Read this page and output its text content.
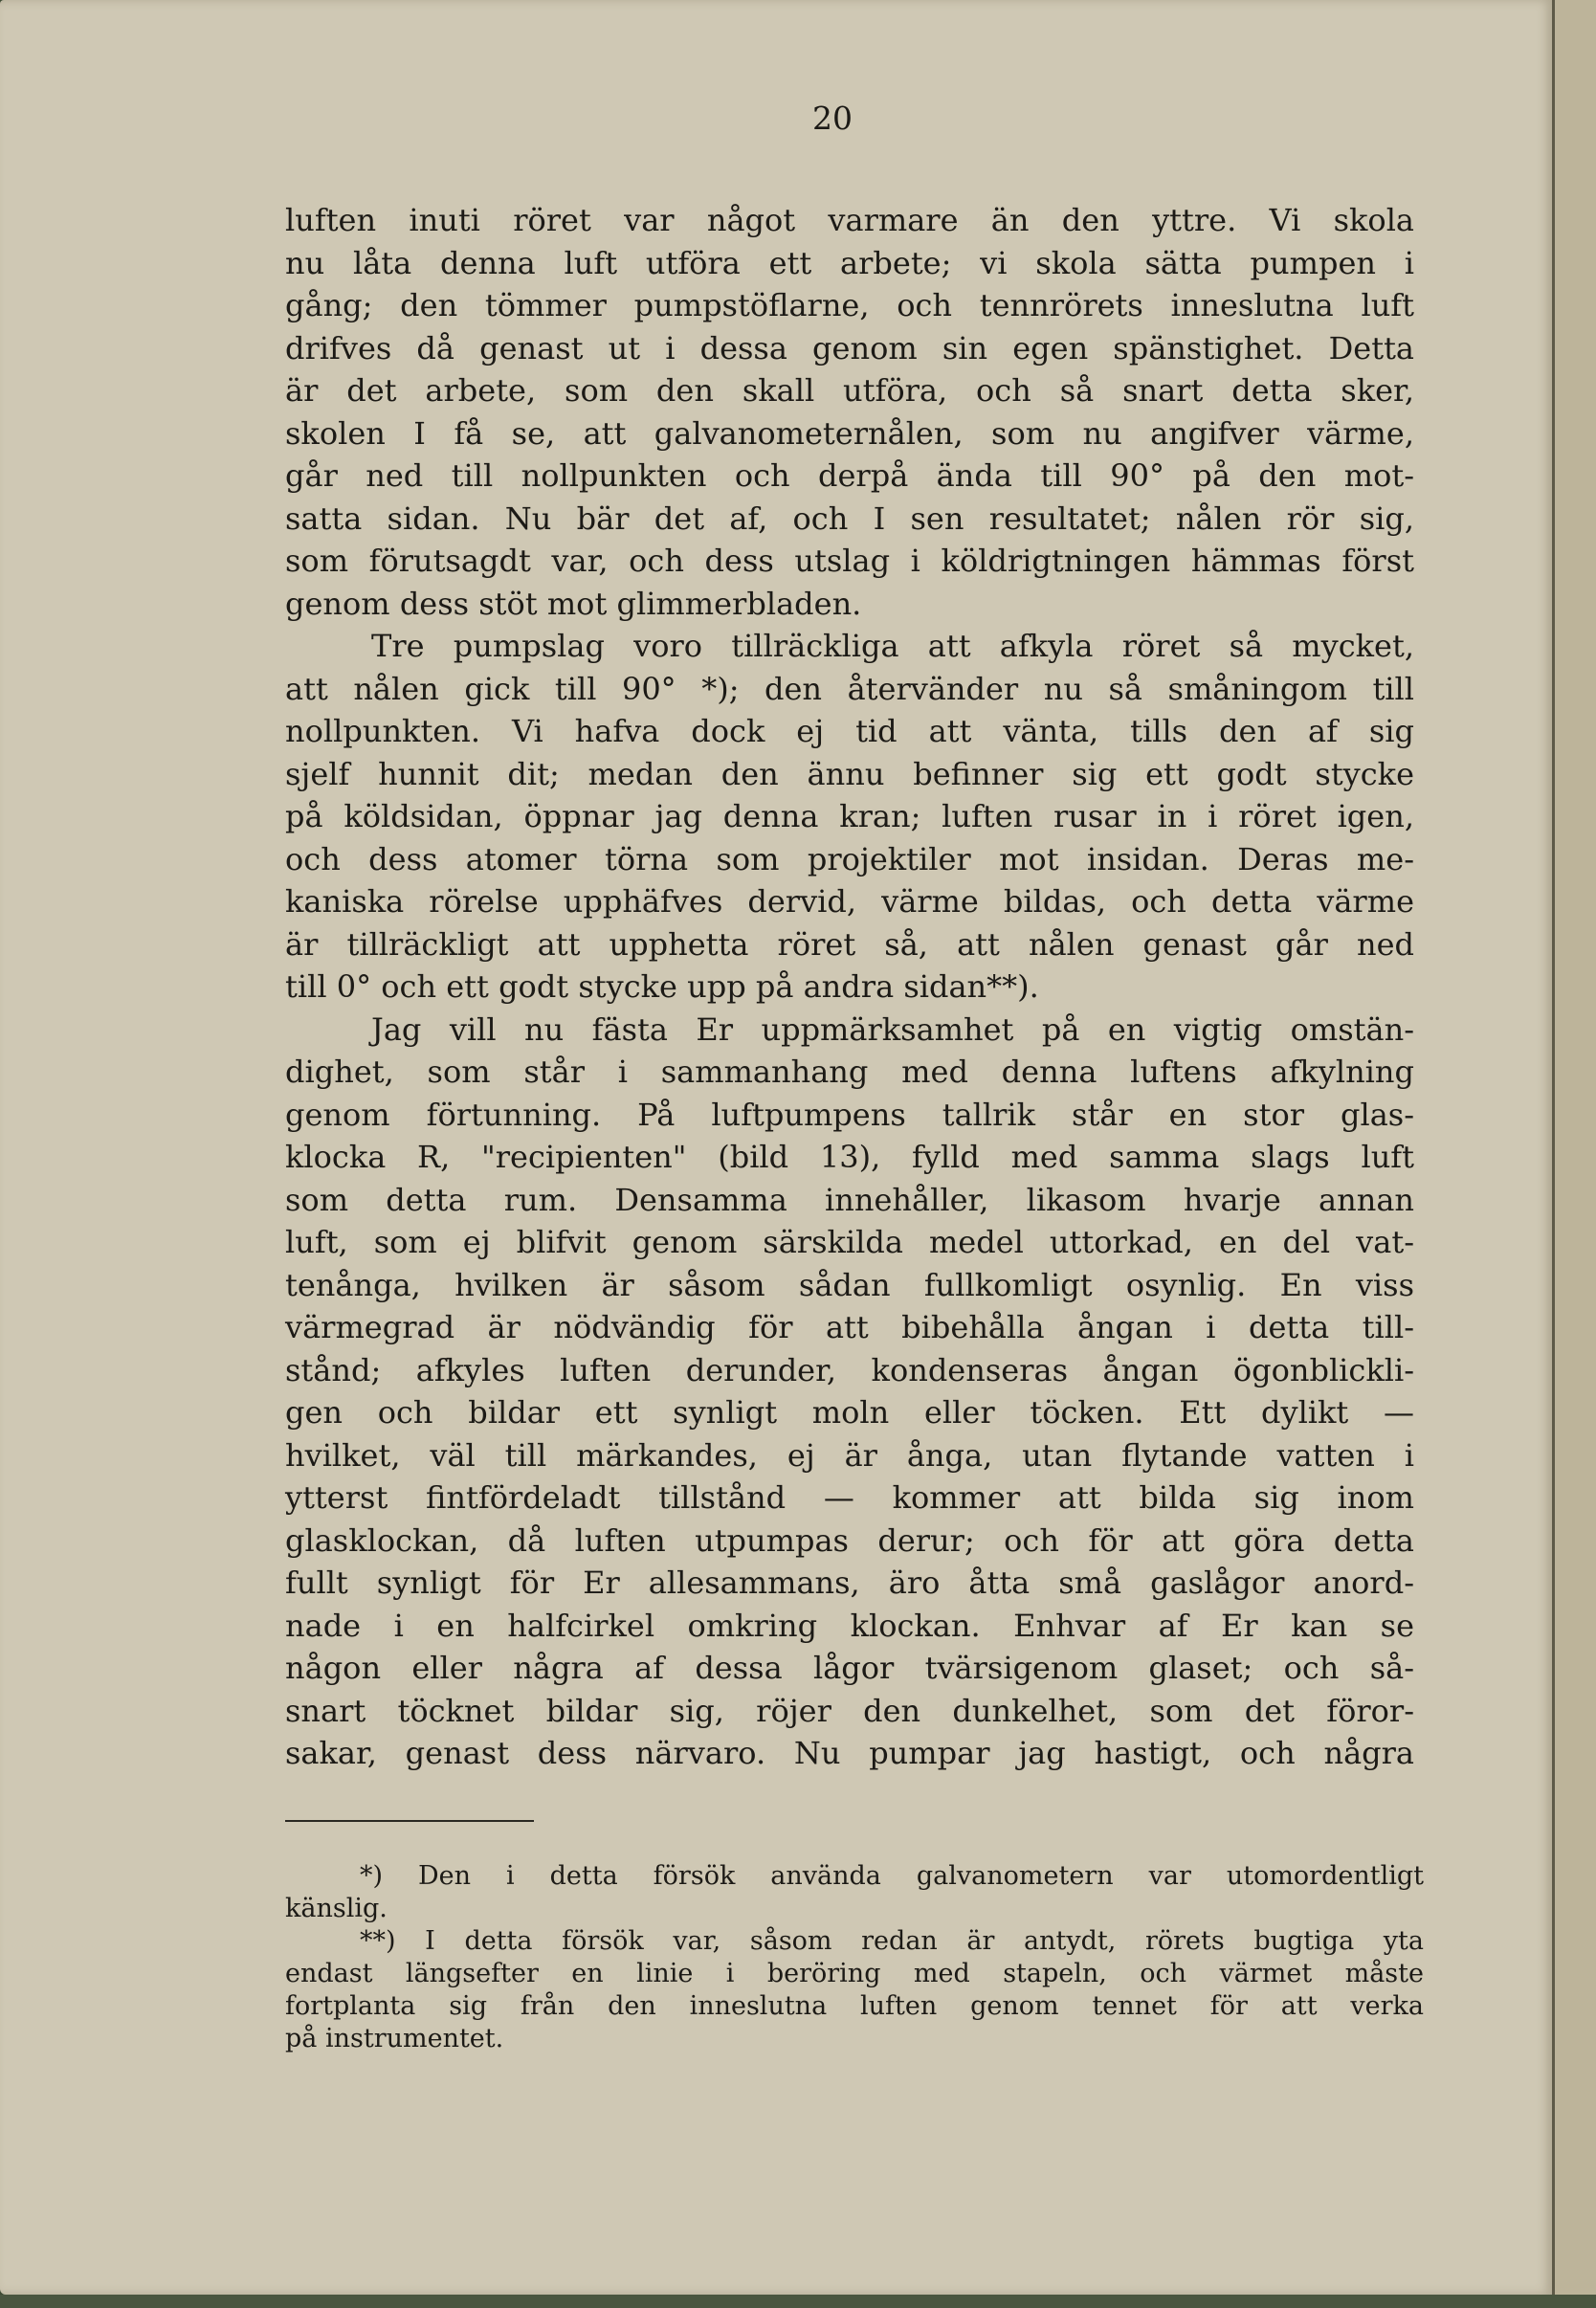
20
luften inuti röret var något varmare än den yttre. Vi skola
nu låta denna luft utföra ett arbete; vi skola sätta pumpen i
gång; den tömmer pumpstöflarne, och tennrörets inneslutna luft
drifves då genast ut i dessa genom sin egen spänstighet. Detta
är det arbete, som den skall utföra, och så snart detta sker,
skolen I få se, att galvanometernålen, som nu angifver värme,
går ned till nollpunkten och derpå ända till 90° på den mot-
satta sidan. Nu bär det af, och I sen resultatet; nålen rör sig,
som förutsagdt var, och dess utslag i köldrigtningen hämmas först
genom dess stöt mot glimmerbladen.
Tre pumpslag voro tillräckliga att afkyla röret så mycket,
att nålen gick till 90° *); den återvänder nu så småningom till
nollpunkten. Vi hafva dock ej tid att vänta, tills den af sig
sjelf hunnit dit; medan den ännu befinner sig ett godt stycke
på köldsidan, öppnar jag denna kran; luften rusar in i röret igen,
och dess atomer törna som projektiler mot insidan. Deras me-
kaniska rörelse upphäfves dervid, värme bildas, och detta värme
är tillräckligt att upphetta röret så, att nålen genast går ned
till 0° och ett godt stycke upp på andra sidan**).
Jag vill nu fästa Er uppmärksamhet på en vigtig omstän-
dighet, som står i sammanhang med denna luftens afkylning
genom förtunning. På luftpumpens tallrik står en stor glas-
klocka R, "recipienten" (bild 13), fylld med samma slags luft
som detta rum. Densamma innehåller, likasom hvarje annan
luft, som ej blifvit genom särskilda medel uttorkad, en del vat-
tenånga, hvilken är såsom sådan fullkomligt osynlig. En viss
värmegrad är nödvändig för att bibehålla ångan i detta till-
stånd; afkyles luften derunder, kondenseras ångan ögonblickli-
gen och bildar ett synligt moln eller töcken. Ett dylikt —
hvilket, väl till märkandes, ej är ånga, utan flytande vatten i
ytterst fintfördeladt tillstånd — kommer att bilda sig inom
glasklockan, då luften utpumpas derur; och för att göra detta
fullt synligt för Er allesammans, äro åtta små gaslågor anord-
nade i en halfcirkel omkring klockan. Enhvar af Er kan se
någon eller några af dessa lågor tvärsigenom glaset; och så-
snart töcknet bildar sig, röjer den dunkelhet, som det föror-
sakar, genast dess närvaro. Nu pumpar jag hastigt, och några
*) Den i detta försök använda galvanometern var utomordentligt
känslig.
**) I detta försök var, såsom redan är antydt, rörets bugtiga yta
endast längsefter en linie i beröring med stapeln, och värmet måste
fortplanta sig från den inneslutna luften genom tennet för att verka
på instrumentet.
